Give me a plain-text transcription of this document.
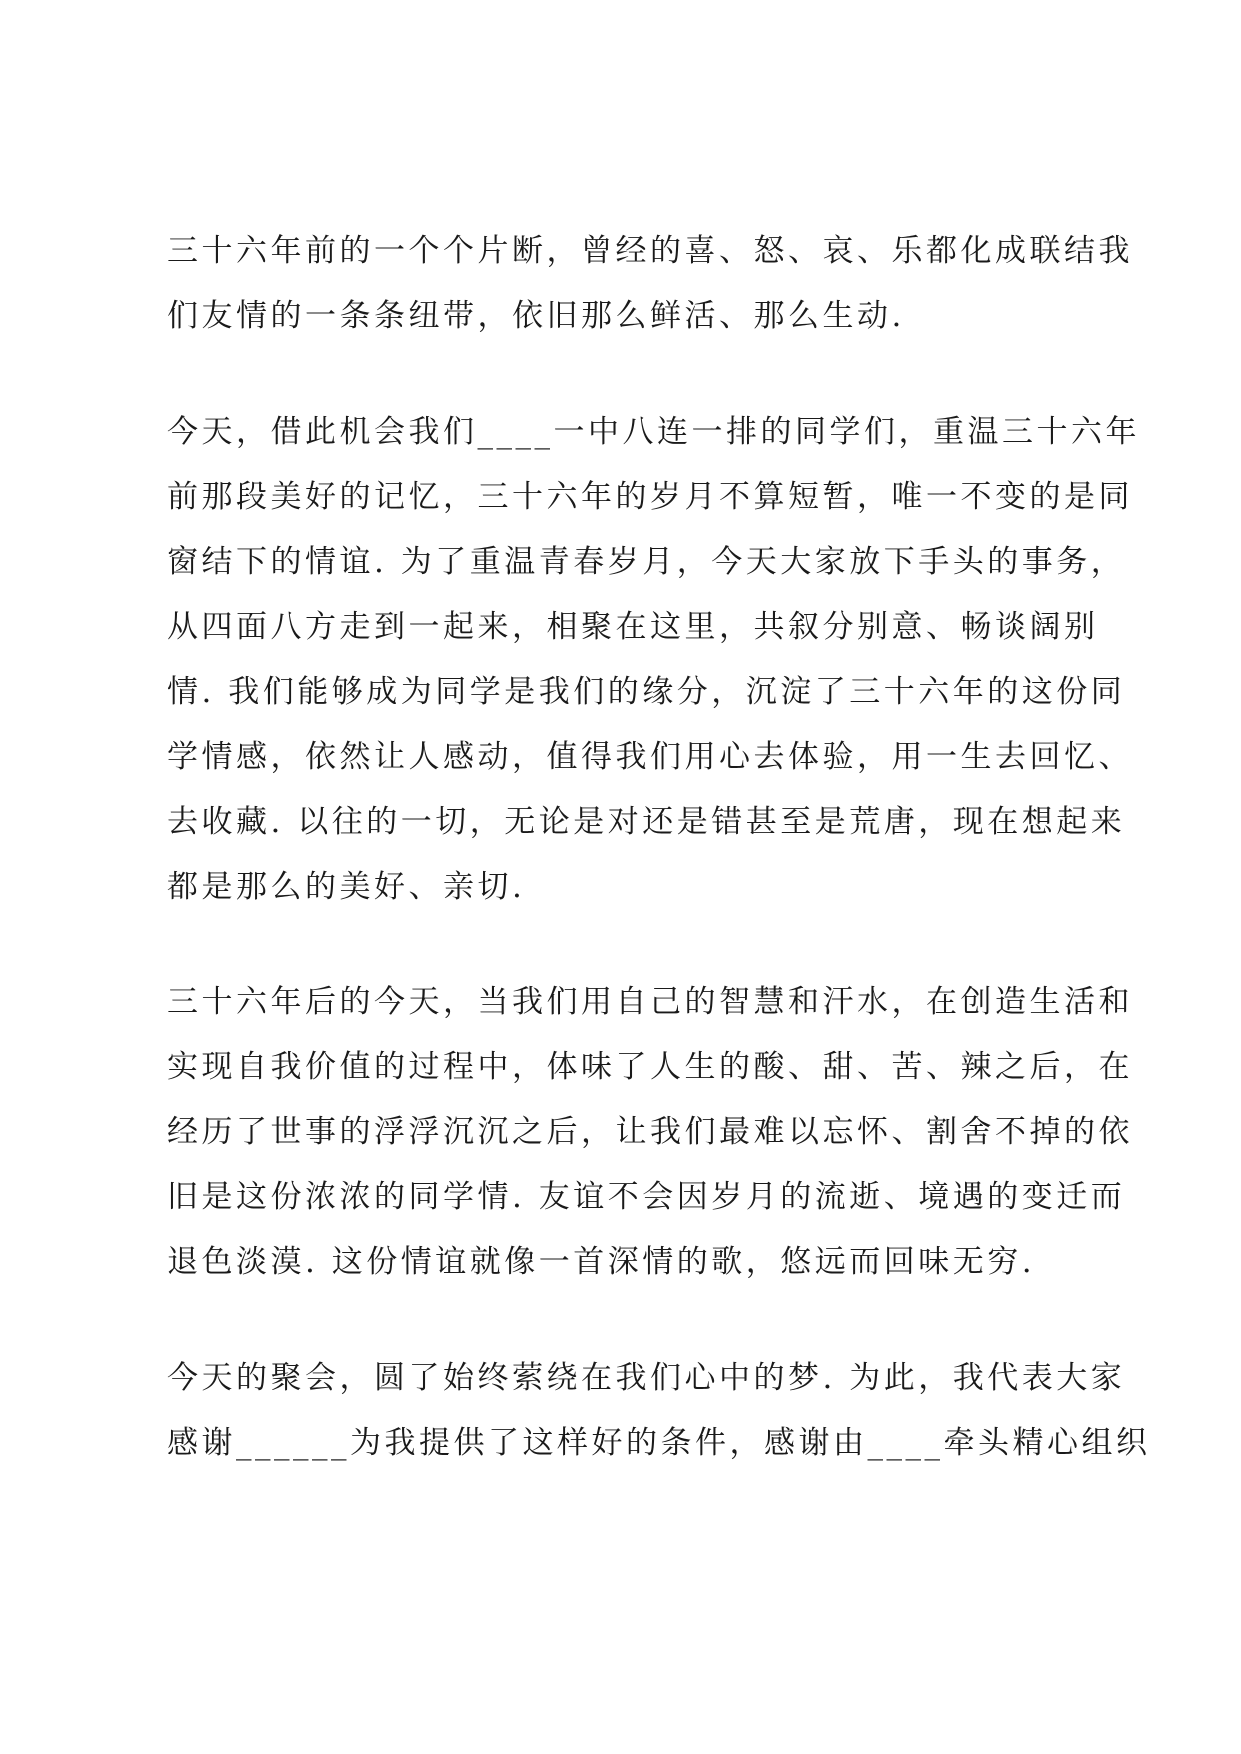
三十六年前的一个个片断，曾经的喜、怒、哀、乐都化成联结我
们友情的一条条纽带，依旧那么鲜活、那么生动.
今天，借此机会我们____一中八连一排的同学们，重温三十六年
前那段美好的记忆，三十六年的岁月不算短暂，唯一不变的是同
窗结下的情谊. 为了重温青春岁月，今天大家放下手头的事务，
从四面八方走到一起来，相聚在这里，共叙分别意、畅谈阔别
情. 我们能够成为同学是我们的缘分，沉淀了三十六年的这份同
学情感，依然让人感动，值得我们用心去体验，用一生去回忆、
去收藏. 以往的一切，无论是对还是错甚至是荒唐，现在想起来
都是那么的美好、亲切.
三十六年后的今天，当我们用自己的智慧和汗水，在创造生活和
实现自我价值的过程中，体味了人生的酸、甜、苦、辣之后，在
经历了世事的浮浮沉沉之后，让我们最难以忘怀、割舍不掉的依
旧是这份浓浓的同学情. 友谊不会因岁月的流逝、境遇的变迁而
退色淡漠. 这份情谊就像一首深情的歌，悠远而回味无穷.
今天的聚会，圆了始终萦绕在我们心中的梦. 为此，我代表大家
感谢______为我提供了这样好的条件，感谢由____牵头精心组织
